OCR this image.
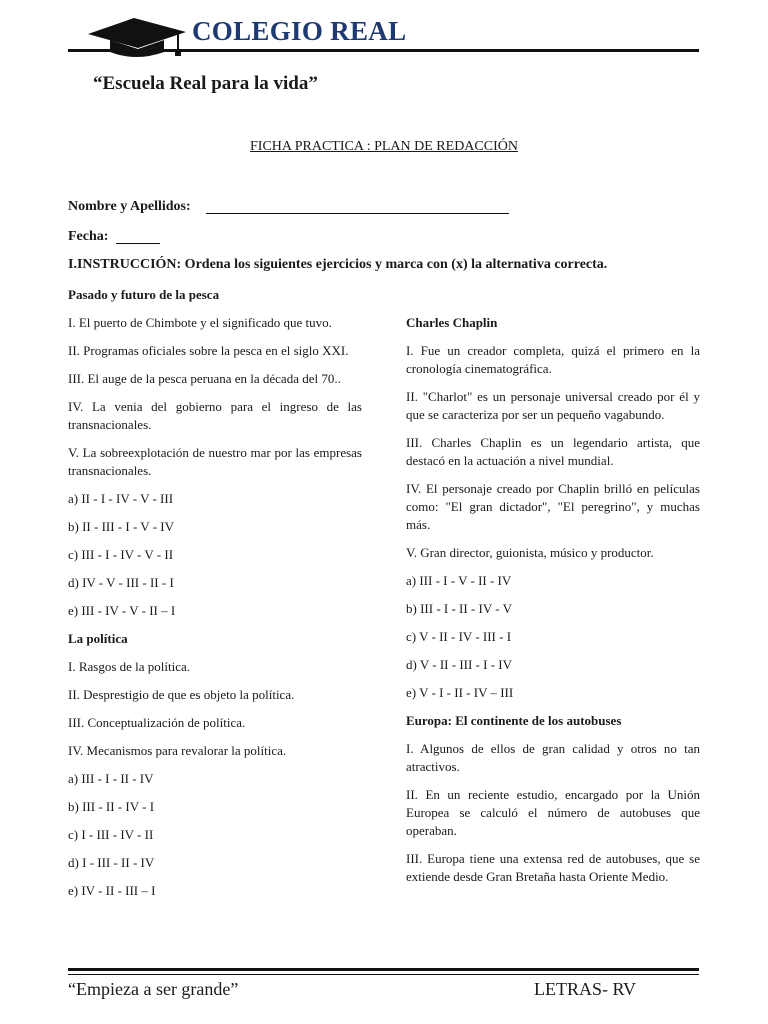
COLEGIO REAL
“Escuela Real para la vida”
FICHA PRACTICA : PLAN DE REDACCIÓN
Nombre y Apellidos:
Fecha:
I.INSTRUCCIÓN: Ordena los siguientes ejercicios y marca con (x) la alternativa correcta.
Pasado y futuro de la pesca
I. El puerto de Chimbote y el significado que tuvo.
II. Programas oficiales sobre la pesca en el siglo XXI.
III. El auge de la pesca peruana en la década del 70..
IV. La venia del gobierno para el ingreso de las transnacionales.
V. La sobreexplotación de nuestro mar por las empresas transnacionales.
a) II - I - IV - V - III
b) II - III - I - V - IV
c) III - I - IV - V - II
d) IV - V - III - II - I
e) III - IV - V - II – I
La política
I. Rasgos de la política.
II. Desprestigio de que es objeto la política.
III. Conceptualización de política.
IV. Mecanismos para revalorar la política.
a) III - I - II - IV
b) III - II - IV - I
c) I - III - IV - II
d) I - III - II - IV
e) IV - II - III – I
Charles Chaplin
I. Fue un creador completa, quizá el primero en la cronología cinematográfica.
II. "Charlot" es un personaje universal creado por él y que se caracteriza por ser un pequeño vagabundo.
III. Charles Chaplin es un legendario artista, que destacó en la actuación a nivel mundial.
IV. El personaje creado por Chaplin brilló en películas como: "El gran dictador", "El peregrino", y muchas más.
V. Gran director, guionista, músico y productor.
a) III - I - V - II - IV
b) III - I - II - IV - V
c) V - II - IV - III - I
d) V - II - III - I - IV
e) V - I - II - IV – III
Europa: El continente de los autobuses
I. Algunos de ellos de gran calidad y otros no tan atractivos.
II. En un reciente estudio, encargado por la Unión Europea se calculó el número de autobuses que operaban.
III. Europa tiene una extensa red de autobuses, que se extiende desde Gran Bretaña hasta Oriente Medio.
“Empieza a ser grande”	LETRAS- RV
